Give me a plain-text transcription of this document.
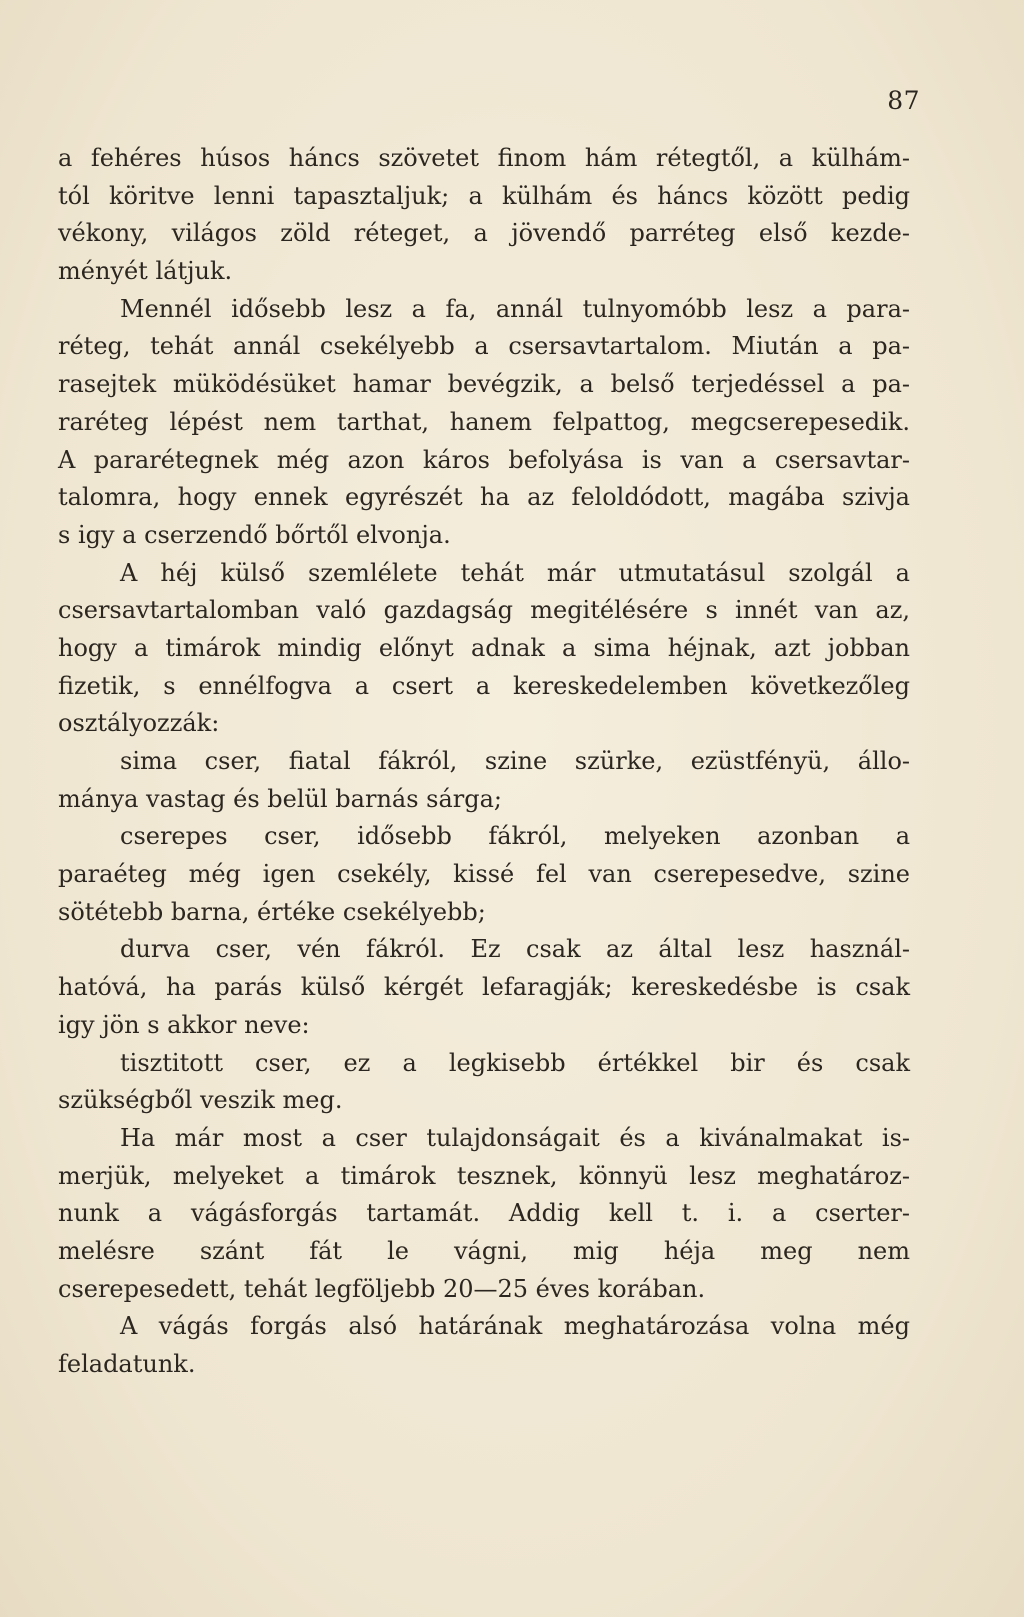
87
a fehéres húsos háncs szövetet finom hám rétegtől, a külhám-
tól köritve lenni tapasztaljuk; a külhám és háncs között pedig
vékony, világos zöld réteget, a jövendő parréteg első kezde-
ményét látjuk.
Mennél idősebb lesz a fa, annál tulnyomóbb lesz a para-
réteg, tehát annál csekélyebb a csersavtartalom. Miután a pa-
rasejtek müködésüket hamar bevégzik, a belső terjedéssel a pa-
raréteg lépést nem tarthat, hanem felpattog, megcserepesedik.
A pararétegnek még azon káros befolyása is van a csersavtar-
talomra, hogy ennek egyrészét ha az feloldódott, magába szivja
s igy a cserzendő bőrtől elvonja.
A héj külső szemlélete tehát már utmutatásul szolgál a
csersavtartalomban való gazdagság megitélésére s innét van az,
hogy a timárok mindig előnyt adnak a sima héjnak, azt jobban
fizetik, s ennélfogva a csert a kereskedelemben következőleg
osztályozzák:
sima cser, fiatal fákról, szine szürke, ezüstfényü, állo-
mánya vastag és belül barnás sárga;
cserepes cser, idősebb fákról, melyeken azonban a
paraéteg még igen csekély, kissé fel van cserepesedve, szine
sötétebb barna, értéke csekélyebb;
durva cser, vén fákról. Ez csak az által lesz használ-
hatóvá, ha parás külső kérgét lefaragják; kereskedésbe is csak
igy jön s akkor neve:
tisztitott cser, ez a legkisebb értékkel bir és csak
szükségből veszik meg.
Ha már most a cser tulajdonságait és a kivánalmakat is-
merjük, melyeket a timárok tesznek, könnyü lesz meghatároz-
nunk a vágásforgás tartamát. Addig kell t. i. a cserter-
melésre szánt fát le vágni, mig héja meg nem
cserepesedett, tehát legföljebb 20—25 éves korában.
A vágás forgás alsó határának meghatározása volna még
feladatunk.
